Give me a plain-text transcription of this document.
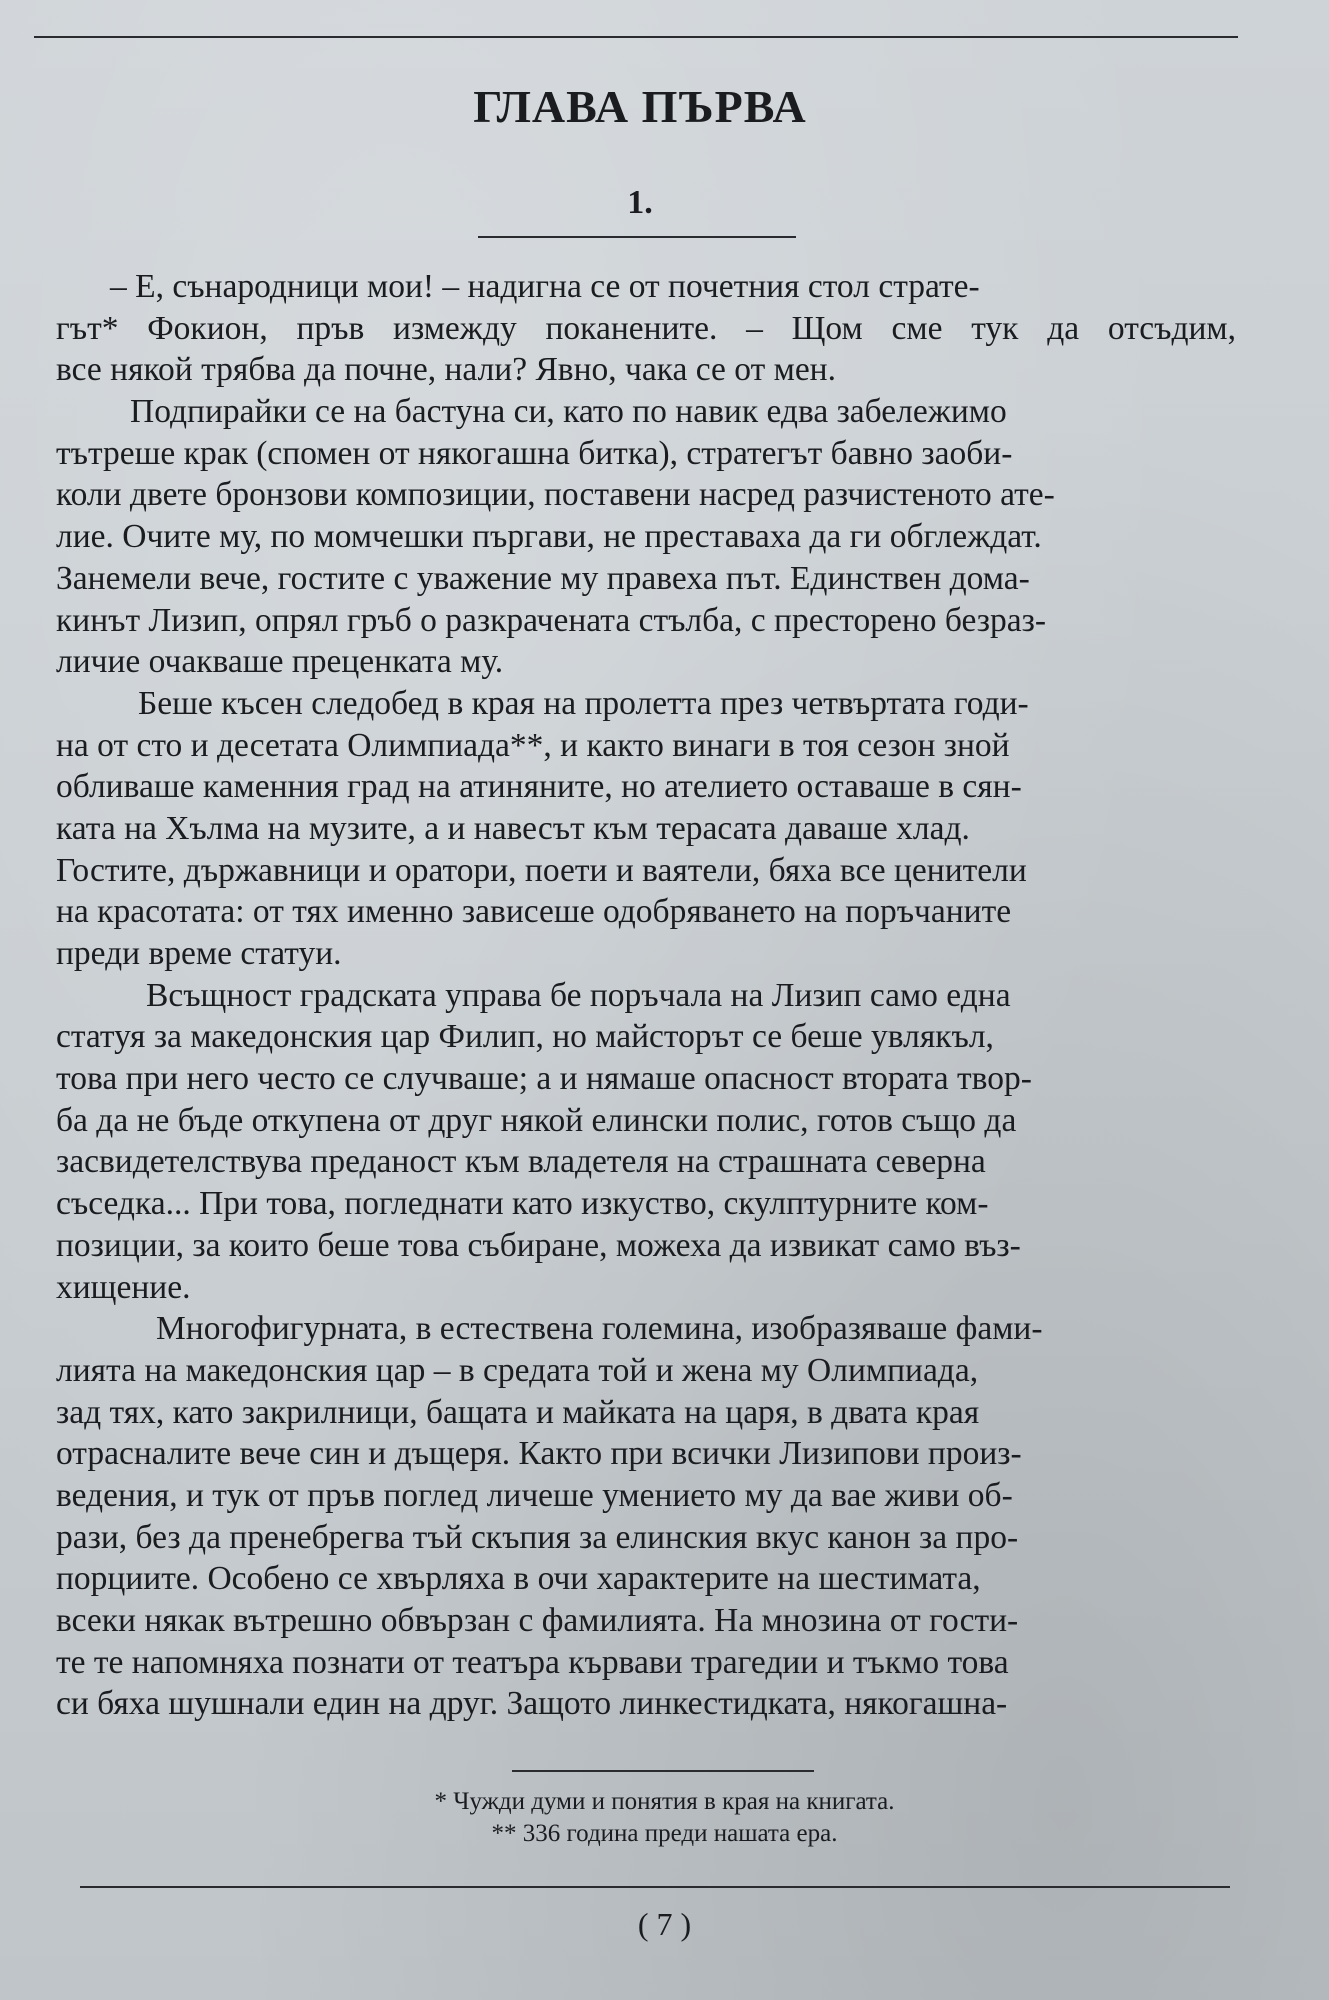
ГЛАВА ПЪРВА
1.
– Е, сънародници мои! – надигна се от почетния стол страте-
гът* Фокион, пръв измежду поканените. – Щом сме тук да отсъдим,
все някой трябва да почне, нали? Явно, чака се от мен.
Подпирайки се на бастуна си, като по навик едва забележимо
тътреше крак (спомен от някогашна битка), стратегът бавно заоби-
коли двете бронзови композиции, поставени насред разчистеното ате-
лие. Очите му, по момчешки пъргави, не преставаха да ги обглеждат.
Занемели вече, гостите с уважение му правеха път. Единствен дома-
кинът Лизип, опрял гръб о разкрачената стълба, с престорено безраз-
личие очакваше преценката му.
Беше късен следобед в края на пролетта през четвъртата годи-
на от сто и десетата Олимпиада**, и както винаги в тоя сезон зной
обливаше каменния град на атиняните, но ателието оставаше в сян-
ката на Хълма на музите, а и навесът към терасата даваше хлад.
Гостите, държавници и оратори, поети и ваятели, бяха все ценители
на красотата: от тях именно зависеше одобряването на поръчаните
преди време статуи.
Всъщност градската управа бе поръчала на Лизип само една
статуя за македонския цар Филип, но майсторът се беше увлякъл,
това при него често се случваше; а и нямаше опасност втората твор-
ба да не бъде откупена от друг някой елински полис, готов също да
засвидетелствува преданост към владетеля на страшната северна
съседка... При това, погледнати като изкуство, скулптурните ком-
позиции, за които беше това събиране, можеха да извикат само въз-
хищение.
Многофигурната, в естествена големина, изобразяваше фами-
лията на македонския цар – в средата той и жена му Олимпиада,
зад тях, като закрилници, бащата и майката на царя, в двата края
отрасналите вече син и дъщеря. Както при всички Лизипови произ-
ведения, и тук от пръв поглед личеше умението му да вае живи об-
рази, без да пренебрегва тъй скъпия за елинския вкус канон за про-
порциите. Особено се хвърляха в очи характерите на шестимата,
всеки някак вътрешно обвързан с фамилията. На мнозина от гости-
те те напомняха познати от театъра кървави трагедии и тъкмо това
си бяха шушнали един на друг. Защото линкестидката, някогашна-
* Чужди думи и понятия в края на книгата.
** 336 година преди нашата ера.
( 7 )
